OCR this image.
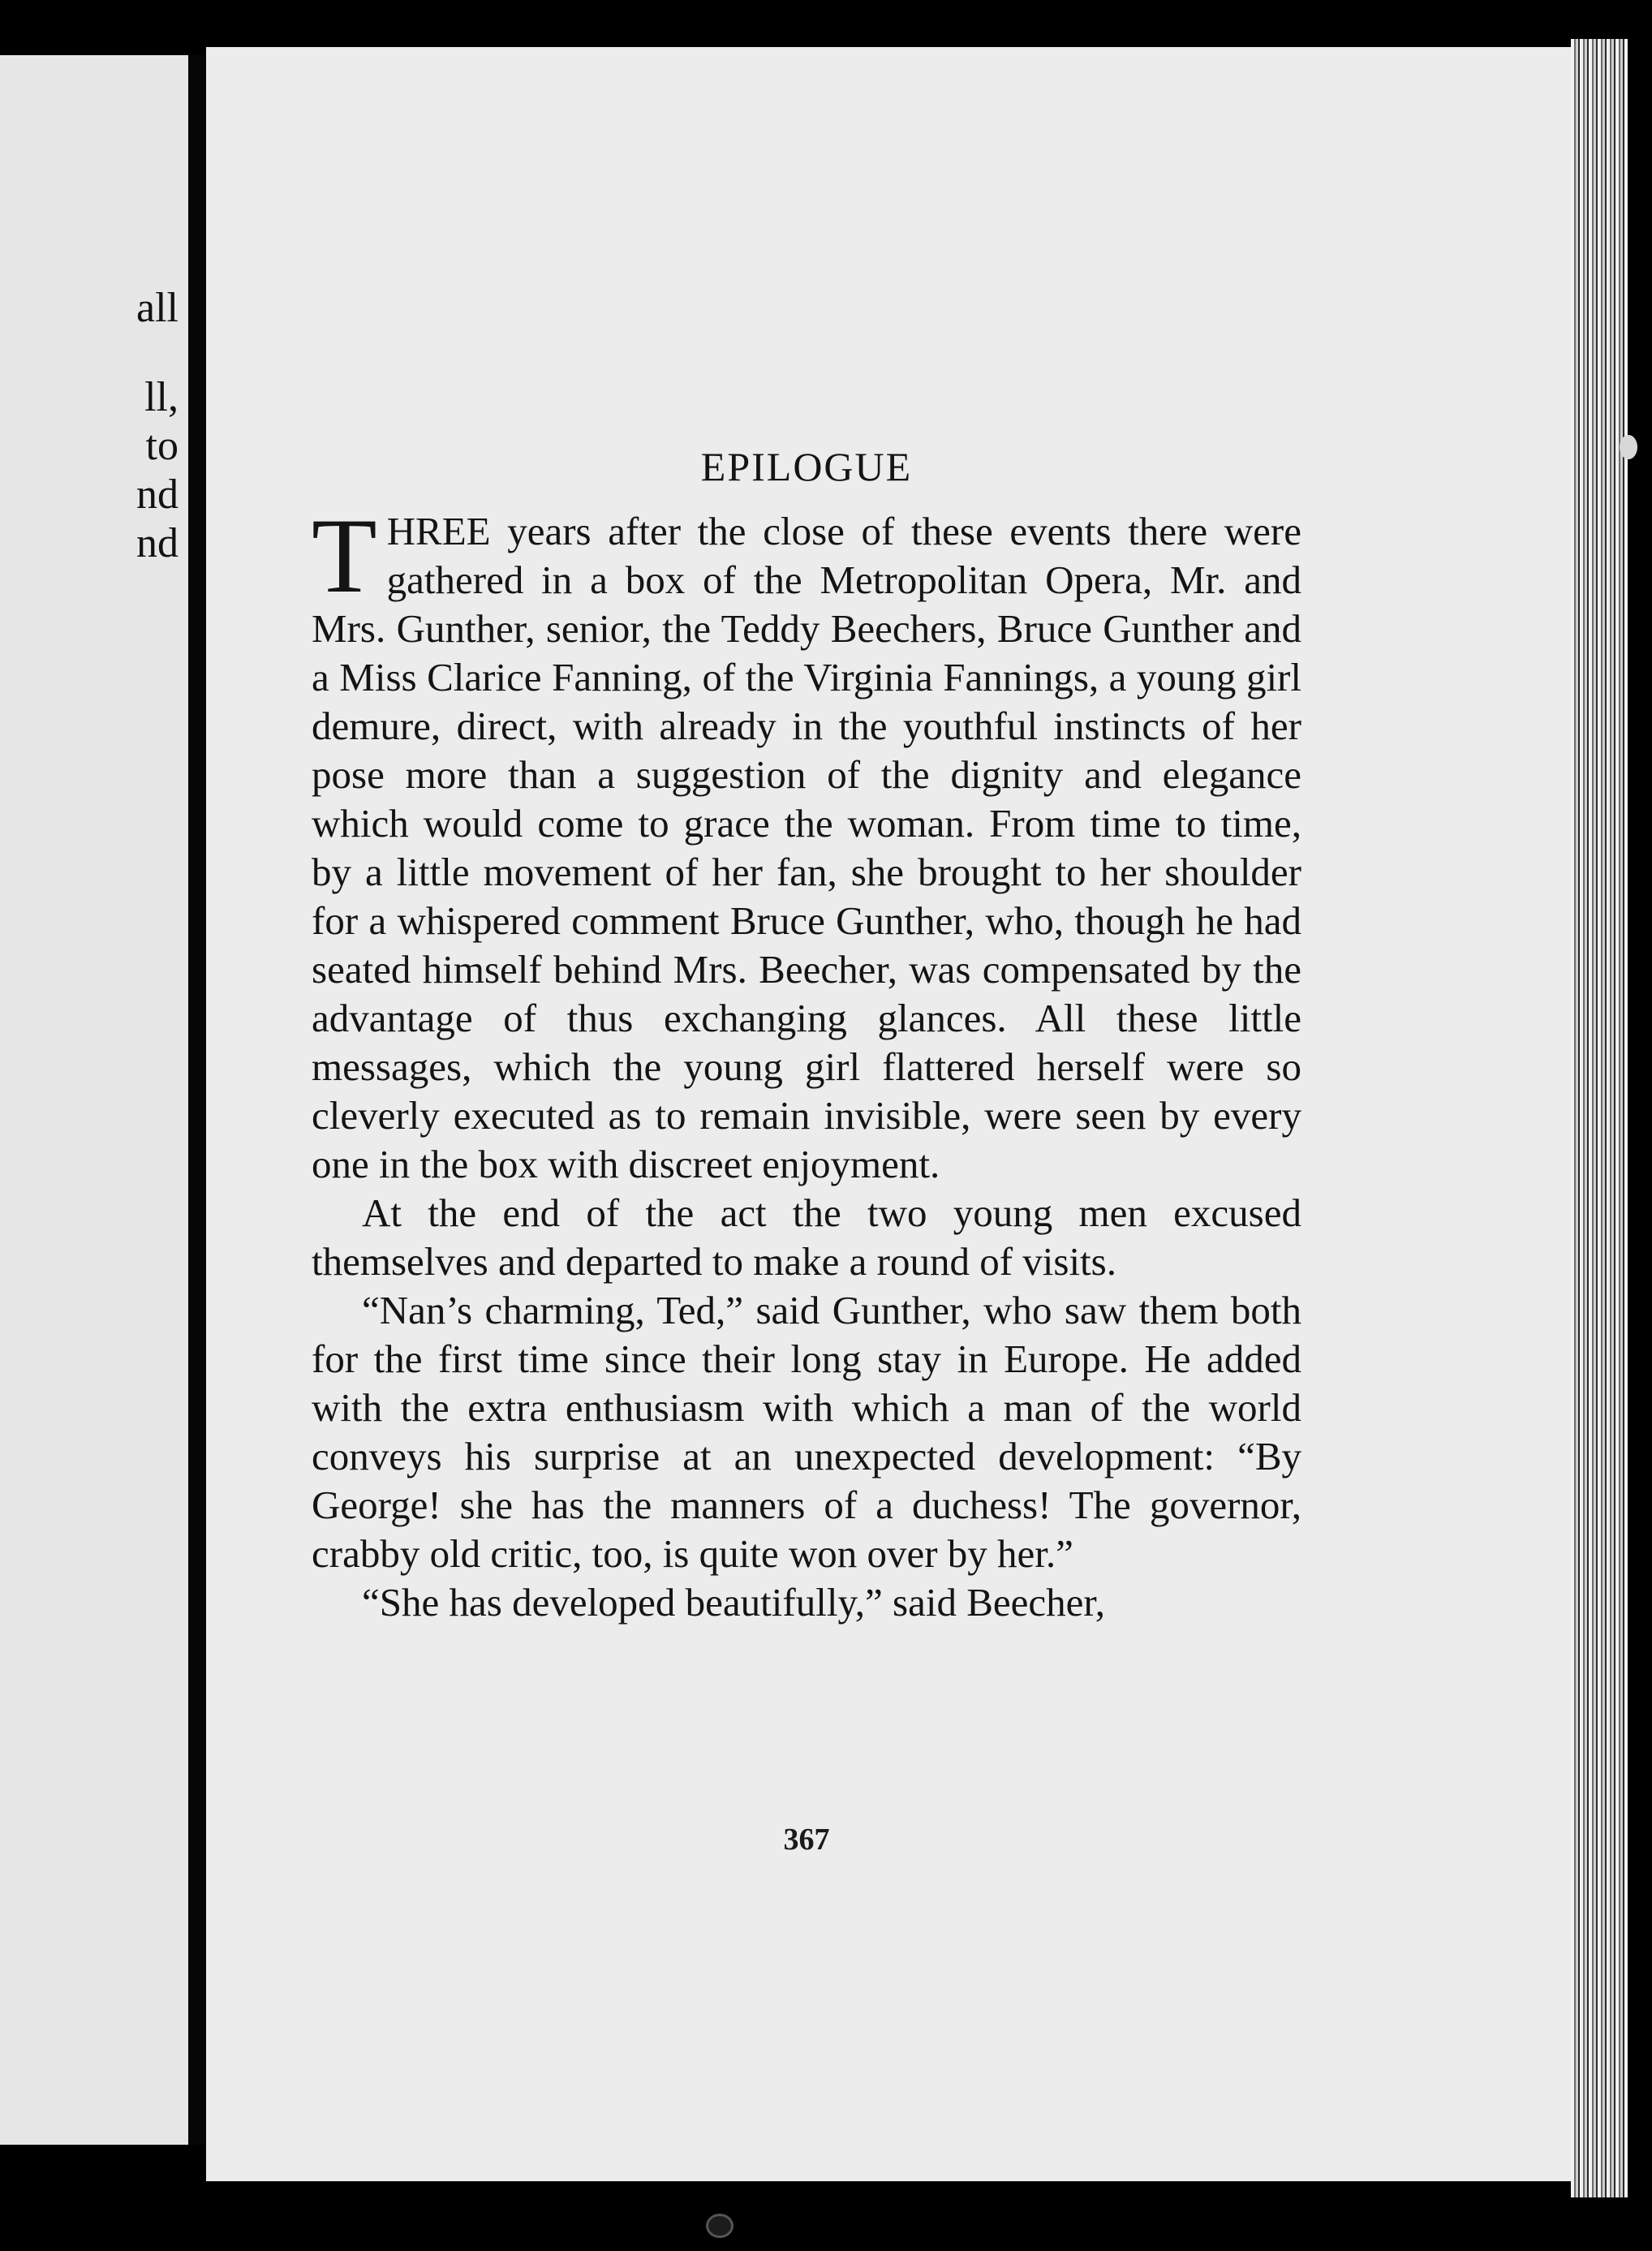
all
ll,
to
nd
nd
EPILOGUE

THREE years after the close of these events there were gathered in a box of the Metropolitan Opera, Mr. and Mrs. Gunther, senior, the Teddy Beechers, Bruce Gunther and a Miss Clarice Fanning, of the Virginia Fannings, a young girl demure, direct, with already in the youthful instincts of her pose more than a suggestion of the dignity and elegance which would come to grace the woman. From time to time, by a little movement of her fan, she brought to her shoulder for a whispered comment Bruce Gunther, who, though he had seated himself behind Mrs. Beecher, was compensated by the advantage of thus exchanging glances. All these little messages, which the young girl flattered herself were so cleverly executed as to remain invisible, were seen by every one in the box with discreet enjoyment.

At the end of the act the two young men excused themselves and departed to make a round of visits.

“Nan’s charming, Ted,” said Gunther, who saw them both for the first time since their long stay in Europe. He added with the extra enthusiasm with which a man of the world conveys his surprise at an unexpected development: “By George! she has the manners of a duchess! The governor, crabby old critic, too, is quite won over by her.”

“She has developed beautifully,” said Beecher,

367
